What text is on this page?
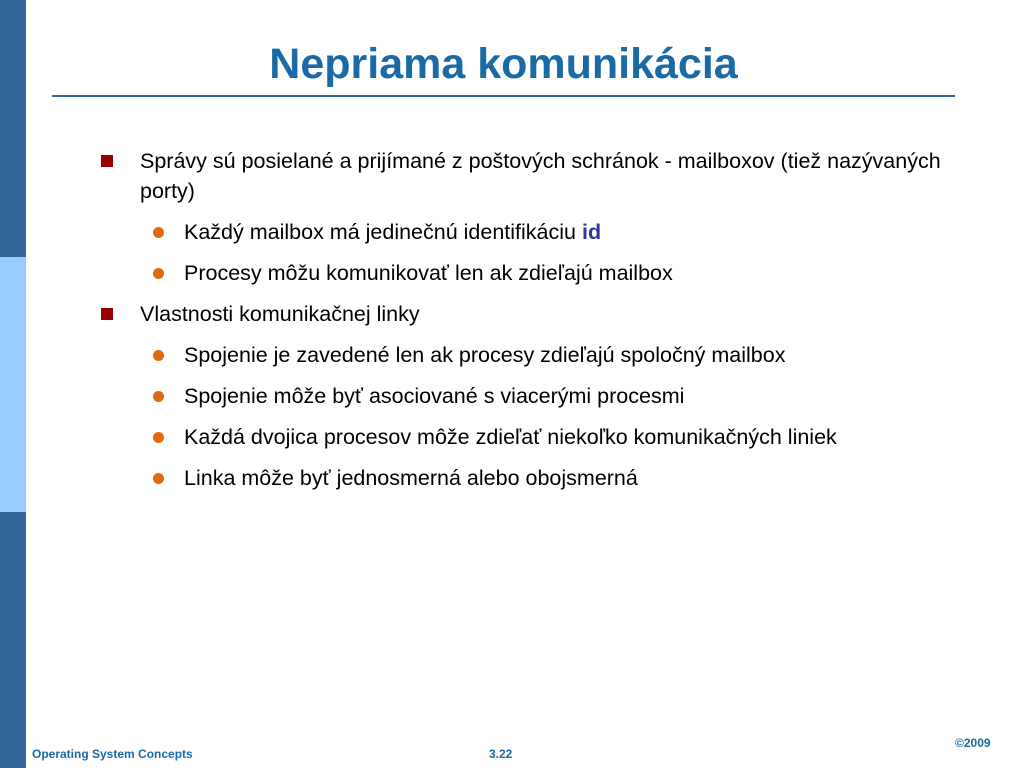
Nepriama komunikácia
Správy sú posielané a prijímané z poštových schránok - mailboxov (tiež nazývaných porty)
Každý mailbox má jedinečnú identifikáciu id
Procesy môžu komunikovať len ak zdieľajú mailbox
Vlastnosti komunikačnej linky
Spojenie je zavedené len ak procesy zdieľajú spoločný mailbox
Spojenie môže byť asociované s viacerými procesmi
Každá dvojica procesov môže zdieľať niekoľko komunikačných liniek
Linka môže byť jednosmerná alebo obojsmerná
Operating System Concepts	3.22
©2009
